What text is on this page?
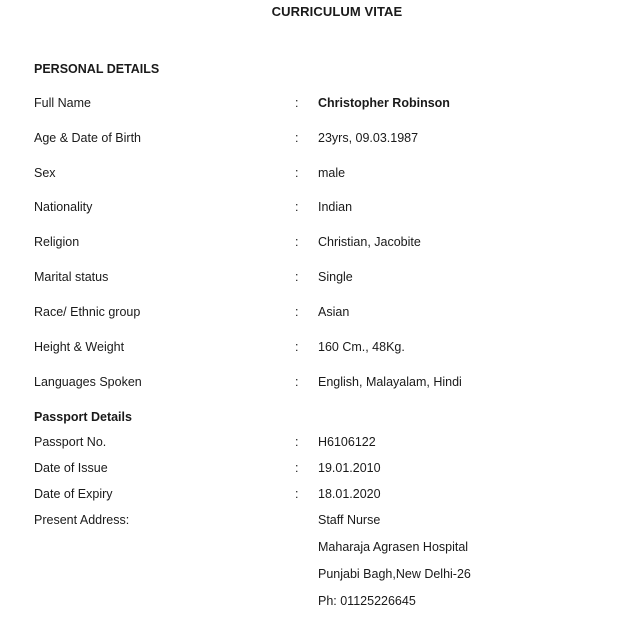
CURRICULUM VITAE
PERSONAL DETAILS
Full Name	: Christopher Robinson
Age & Date of Birth	: 23yrs, 09.03.1987
Sex	: male
Nationality	: Indian
Religion	: Christian, Jacobite
Marital status	: Single
Race/ Ethnic group	: Asian
Height & Weight	: 160 Cm., 48Kg.
Languages Spoken	: English, Malayalam, Hindi
Passport Details
Passport No.	: H6106122
Date of Issue	: 19.01.2010
Date of Expiry	: 18.01.2020
Present Address:	Staff Nurse
Maharaja Agrasen Hospital
Punjabi Bagh,New Delhi-26
Ph: 01125226645
